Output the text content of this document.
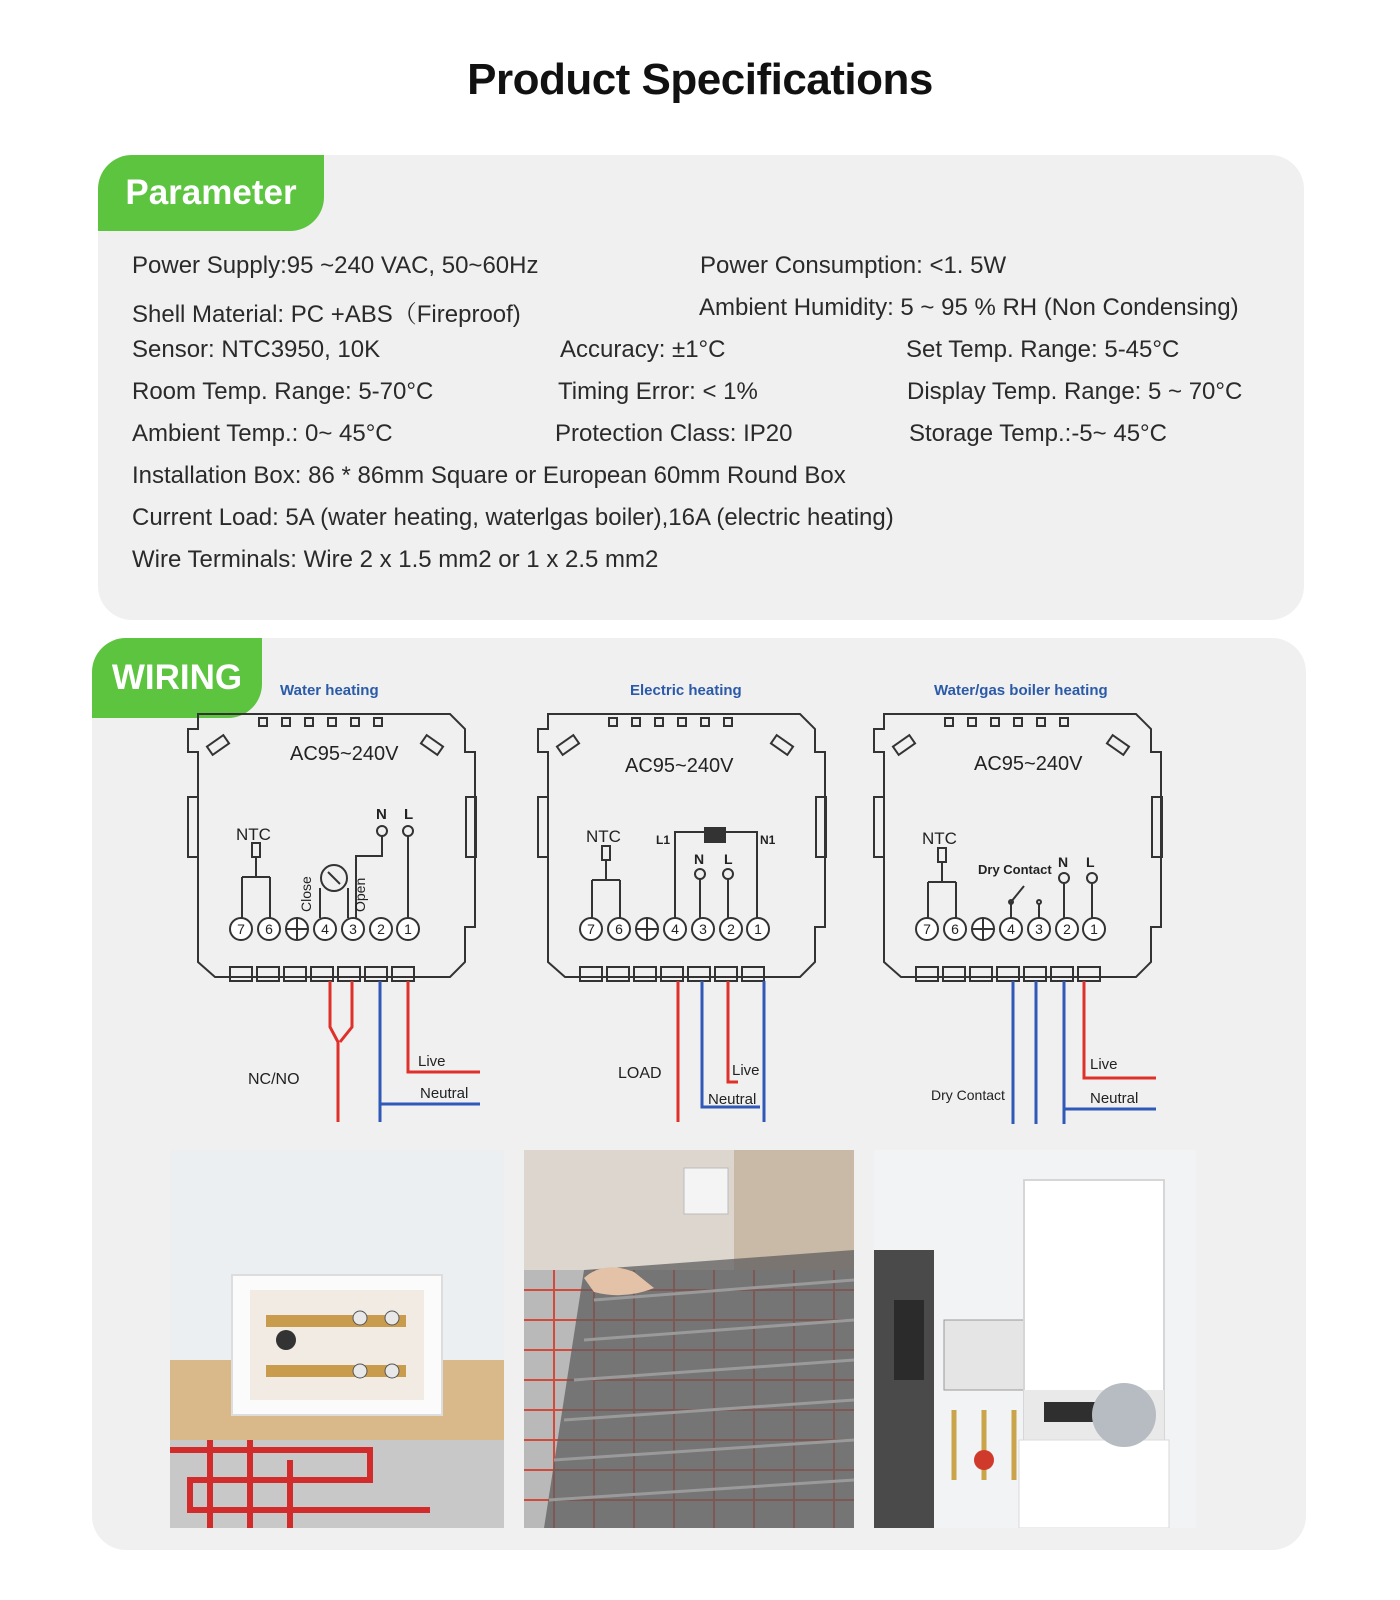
Product Specifications
Parameter
Power Supply:95 ~240 VAC, 50~60Hz	Power Consumption: <1. 5W
Shell Material: PC +ABS（Fireproof)	Ambient Humidity: 5 ~ 95 % RH (Non Condensing)
Sensor: NTC3950, 10K	Accuracy: ±1°C	Set Temp. Range: 5-45°C
Room Temp. Range: 5-70°C	Timing Error: < 1%	Display Temp. Range: 5 ~ 70°C
Ambient Temp.: 0~ 45°C	Protection Class: IP20	Storage Temp.:-5~ 45°C
Installation Box: 86 * 86mm Square or European 60mm Round Box
Current Load: 5A (water heating, waterlgas boiler),16A (electric heating)
Wire Terminals: Wire 2 x 1.5 mm2 or 1 x 2.5 mm2
WIRING	Water heating
AC95~240V
NTC
N L
Close	Open
7 6	4 3 2 1
Live
Neutral
NC/NO
Electric heating
AC95~240V
NTC	L1	N1
N L
7 6	4 3 2 1
Live
Neutral
LOAD
Water/gas boiler heating
AC95~240V
NTC
Dry Contact N L
7 6	4 3 2 1
Live
Neutral
Dry Contact
